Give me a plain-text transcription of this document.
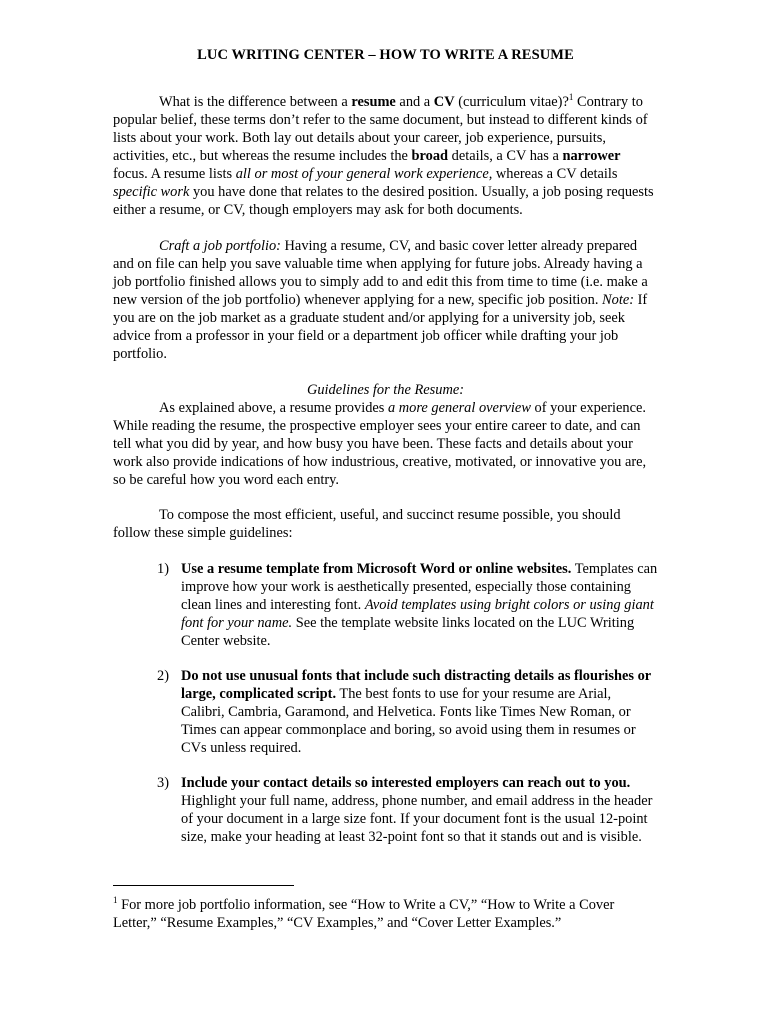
LUC WRITING CENTER – HOW TO WRITE A RESUME

What is the difference between a resume and a CV (curriculum vitae)?$^1$ Contrary to popular belief, these terms don’t refer to the same document, but instead to different kinds of lists about your work. Both lay out details about your career, job experience, pursuits, activities, etc., but whereas the resume includes the broad details, a CV has a narrower focus. A resume lists all or most of your general work experience, whereas a CV details specific work you have done that relates to the desired position. Usually, a job posing requests either a resume, or CV, though employers may ask for both documents.

Craft a job portfolio: Having a resume, CV, and basic cover letter already prepared and on file can help you save valuable time when applying for future jobs. Already having a job portfolio finished allows you to simply add to and edit this from time to time (i.e. make a new version of the job portfolio) whenever applying for a new, specific job position. Note: If you are on the job market as a graduate student and/or applying for a university job, seek advice from a professor in your field or a department job officer while drafting your job portfolio.

Guidelines for the Resume:

As explained above, a resume provides a more general overview of your experience. While reading the resume, the prospective employer sees your entire career to date, and can tell what you did by year, and how busy you have been. These facts and details about your work also provide indications of how industrious, creative, motivated, or innovative you are, so be careful how you word each entry.

To compose the most efficient, useful, and succinct resume possible, you should follow these simple guidelines:

1) Use a resume template from Microsoft Word or online websites. Templates can improve how your work is aesthetically presented, especially those containing clean lines and interesting font. Avoid templates using bright colors or using giant font for your name. See the template website links located on the LUC Writing Center website.
2) Do not use unusual fonts that include such distracting details as flourishes or large, complicated script. The best fonts to use for your resume are Arial, Calibri, Cambria, Garamond, and Helvetica. Fonts like Times New Roman, or Times can appear commonplace and boring, so avoid using them in resumes or CVs unless required.
3) Include your contact details so interested employers can reach out to you. Highlight your full name, address, phone number, and email address in the header of your document in a large size font. If your document font is the usual 12-point size, make your heading at least 32-point font so that it stands out and is visible.
$^1$ For more job portfolio information, see “How to Write a CV,” “How to Write a Cover Letter,” “Resume Examples,” “CV Examples,” and “Cover Letter Examples.”
